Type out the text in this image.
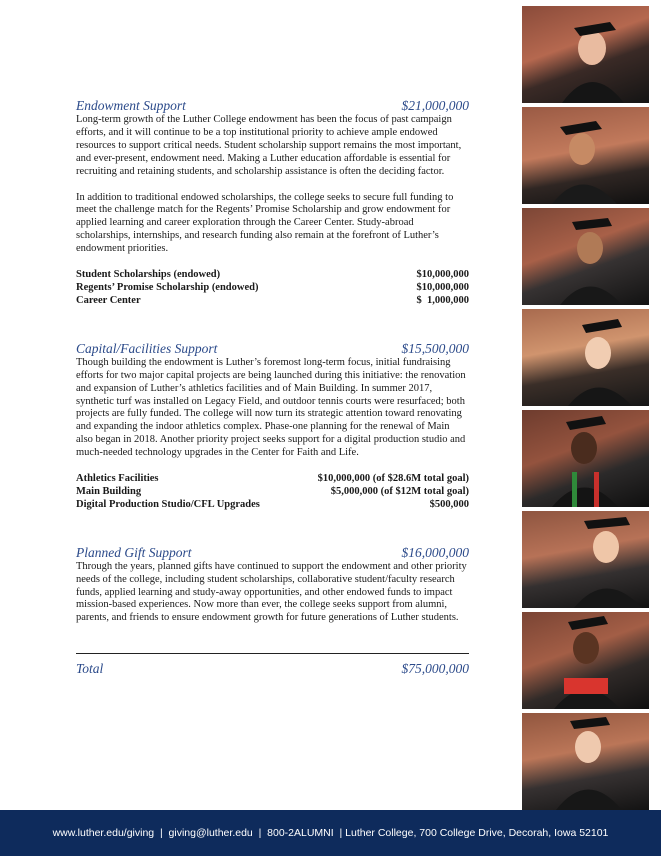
Endowment Support	$21,000,000

Long-term growth of the Luther College endowment has been the focus of past campaign efforts, and it will continue to be a top institutional priority to achieve ample endowed resources to support critical needs. Student scholarship support remains the most important, and ever-present, endowment need. Making a Luther education affordable is essential for recruiting and retaining students, and scholarship assistance is often the deciding factor.

In addition to traditional endowed scholarships, the college seeks to secure full funding to meet the challenge match for the Regents’ Promise Scholarship and grow endowment for applied learning and career exploration through the Career Center. Study-abroad scholarships, internships, and research funding also remain at the forefront of Luther’s endowment priorities.

Student Scholarships (endowed)	$10,000,000
Regents’ Promise Scholarship (endowed)	$10,000,000
Career Center	$  1,000,000
Capital/Facilities Support	$15,500,000

Though building the endowment is Luther’s foremost long-term focus, initial fundraising efforts for two major capital projects are being launched during this initiative: the renovation and expansion of Luther’s athletics facilities and of Main Building. In summer 2017, synthetic turf was installed on Legacy Field, and outdoor tennis courts were resurfaced; both projects are fully funded. The college will now turn its strategic attention toward renovating and expanding the indoor athletics complex. Phase-one planning for the renewal of Main also began in 2018. Another priority project seeks support for a digital production studio and much-needed technology upgrades in the Center for Faith and Life.

Athletics Facilities	$10,000,000 (of $28.6M total goal)
Main Building	$5,000,000 (of $12M total goal)
Digital Production Studio/CFL Upgrades	$500,000
Planned Gift Support	$16,000,000

Through the years, planned gifts have continued to support the endowment and other priority needs of the college, including student scholarships, collaborative student/faculty research funds, applied learning and study-away opportunities, and other endowed funds to impact mission-based experiences. Now more than ever, the college seeks support from alumni, parents, and friends to ensure endowment growth for future generations of Luther students.

Total	$75,000,000
www.luther.edu/giving  |  giving@luther.edu  |  800-2ALUMNI  | Luther College, 700 College Drive, Decorah, Iowa 52101
